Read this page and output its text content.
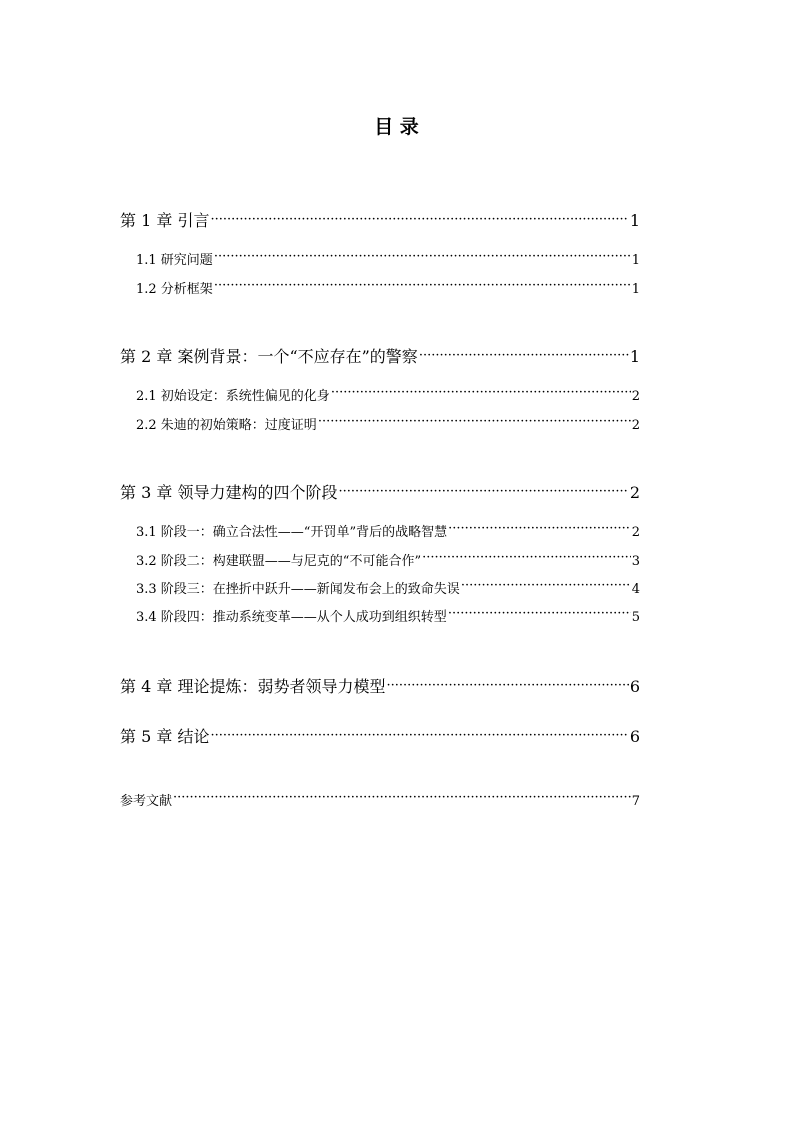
目 录
第 1 章 引言 ·····	1
1.1 研究问题 ·····	1
1.2 分析框架 ·····	1
第 2 章 案例背景：一个“不应存在”的警察 ·····	1
2.1 初始设定：系统性偏见的化身 ·····	2
2.2 朱迪的初始策略：过度证明 ·····	2
第 3 章 领导力建构的四个阶段 ·····	2
3.1 阶段一：确立合法性——“开罚单”背后的战略智慧 ·····	2
3.2 阶段二：构建联盟——与尼克的“不可能合作” ·····	3
3.3 阶段三：在挫折中跃升——新闻发布会上的致命失误 ·····	4
3.4 阶段四：推动系统变革——从个人成功到组织转型 ·····	5
第 4 章 理论提炼：弱势者领导力模型 ·····	6
第 5 章 结论 ·····	6
参考文献 ·····	7
